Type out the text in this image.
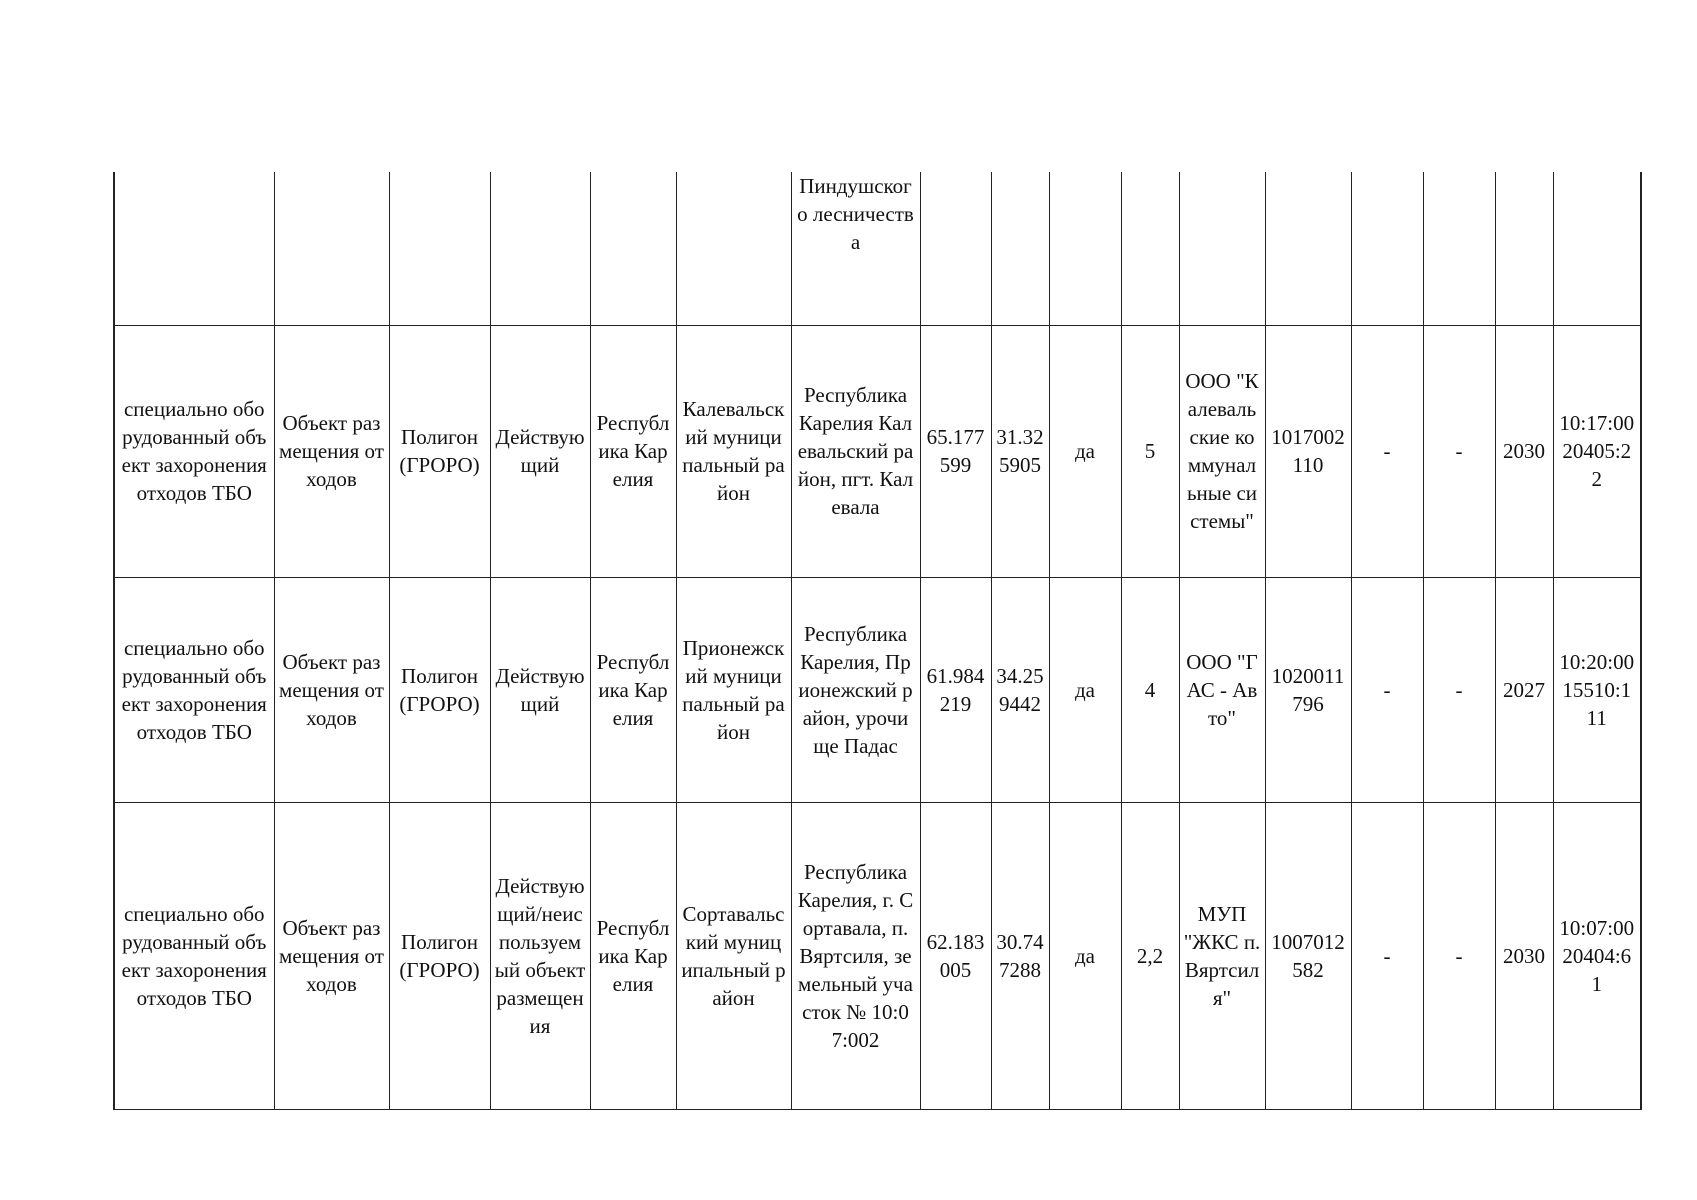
						Пиндушского лесничества										

специально оборудованный объект захоронения отходов ТБО	Объект размещения отходов	Полигон (ГРОРО)	Действующий	Республика Карелия	Калевальский муниципальный район	Республика Карелия Калевальский район, пгт. Калевала	65.177599	31.325905	да	5	ООО "Калевальские коммунальные системы"	1017002110	-	-	2030	10:17:0020405:22
специально оборудованный объект захоронения отходов ТБО	Объект размещения отходов	Полигон (ГРОРО)	Действующий	Республика Карелия	Прионежский муниципальный район	Республика Карелия, Прионежский район, урочище Падас	61.984219	34.259442	да	4	ООО "ГАС - Авто"	1020011796	-	-	2027	10:20:0015510:111
специально оборудованный объект захоронения отходов ТБО	Объект размещения отходов	Полигон (ГРОРО)	Действующий/неиспользуемый объект размещения	Республика Карелия	Сортавальский муниципальный район	Республика Карелия, г. Сортавала, п. Вяртсиля, земельный участок № 10:07:002	62.183005	30.747288	да	2,2	МУП "ЖКС п. Вяртсиля"	1007012582	-	-	2030	10:07:0020404:61
